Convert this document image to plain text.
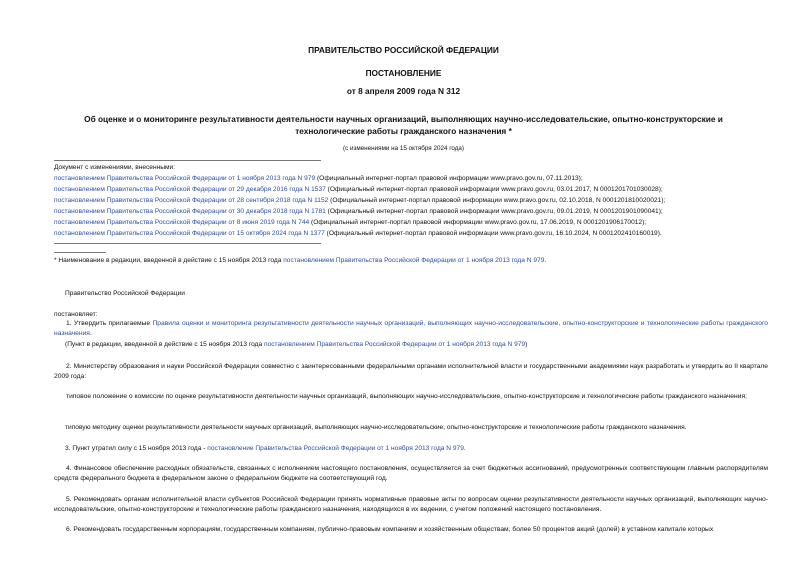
ПРАВИТЕЛЬСТВО РОССИЙСКОЙ ФЕДЕРАЦИИ
ПОСТАНОВЛЕНИЕ
от 8 апреля 2009 года N 312
Об оценке и о мониторинге результативности деятельности научных организаций, выполняющих научно-исследовательские, опытно-конструкторские и
технологические работы гражданского назначения *
(с изменениями на 15 октября 2024 года)
Документ с изменениями, внесенными:
постановлением Правительства Российской Федерации от 1 ноября 2013 года N 979 (Официальный интернет-портал правовой информации www.pravo.gov.ru, 07.11.2013);
постановлением Правительства Российской Федерации от 29 декабря 2016 года N 1537 (Официальный интернет-портал правовой информации www.pravo.gov.ru, 03.01.2017, N 0001201701030028);
постановлением Правительства Российской Федерации от 28 сентября 2018 года N 1152 (Официальный интернет-портал правовой информации www.pravo.gov.ru, 02.10.2018, N 0001201810020021);
постановлением Правительства Российской Федерации от 30 декабря 2018 года N 1781 (Официальный интернет-портал правовой информации www.pravo.gov.ru, 09.01.2019, N 0001201901090041);
постановлением Правительства Российской Федерации от 8 июня 2019 года N 744 (Официальный интернет-портал правовой информации www.pravo.gov.ru, 17.06.2019, N 0001201906170012);
постановлением Правительства Российской Федерации от 15 октября 2024 года N 1377 (Официальный интернет-портал правовой информации www.pravo.gov.ru, 16.10.2024, N 0001202410160019).
* Наименование в редакции, введенной в действие с 15 ноября 2013 года постановлением Правительства Российской Федерации от 1 ноября 2013 года N 979.
Правительство Российской Федерации
постановляет:
1. Утвердить прилагаемые Правила оценки и мониторинга результативности деятельности научных организаций, выполняющих научно-исследовательские, опытно-конструкторские и технологические работы гражданского назначения.
(Пункт в редакции, введенной в действие с 15 ноября 2013 года постановлением Правительства Российской Федерации от 1 ноября 2013 года N 979)
2. Министерству образования и науки Российской Федерации совместно с заинтересованными федеральными органами исполнительной власти и государственными академиями наук разработать и утвердить во II квартале 2009 года:
типовое положение о комиссии по оценке результативности деятельности научных организаций, выполняющих научно-исследовательские, опытно-конструкторские и технологические работы гражданского назначения;
типовую методику оценки результативности деятельности научных организаций, выполняющих научно-исследовательские, опытно-конструкторские и технологические работы гражданского назначения.
3. Пункт утратил силу с 15 ноября 2013 года - постановление Правительства Российской Федерации от 1 ноября 2013 года N 979.
4. Финансовое обеспечение расходных обязательств, связанных с исполнением настоящего постановления, осуществляется за счет бюджетных ассигнований, предусмотренных соответствующим главным распорядителям средств федерального бюджета в федеральном законе о федеральном бюджете на соответствующий год.
5. Рекомендовать органам исполнительной власти субъектов Российской Федерации принять нормативные правовые акты по вопросам оценки результативности деятельности научных организаций, выполняющих научно-исследовательские, опытно-конструкторские и технологические работы гражданского назначения, находящихся в их ведении, с учетом положений настоящего постановления.
6. Рекомендовать государственным корпорациям, государственным компаниям, публично-правовым компаниям и хозяйственным обществам, более 50 процентов акций (долей) в уставном капитале которых
